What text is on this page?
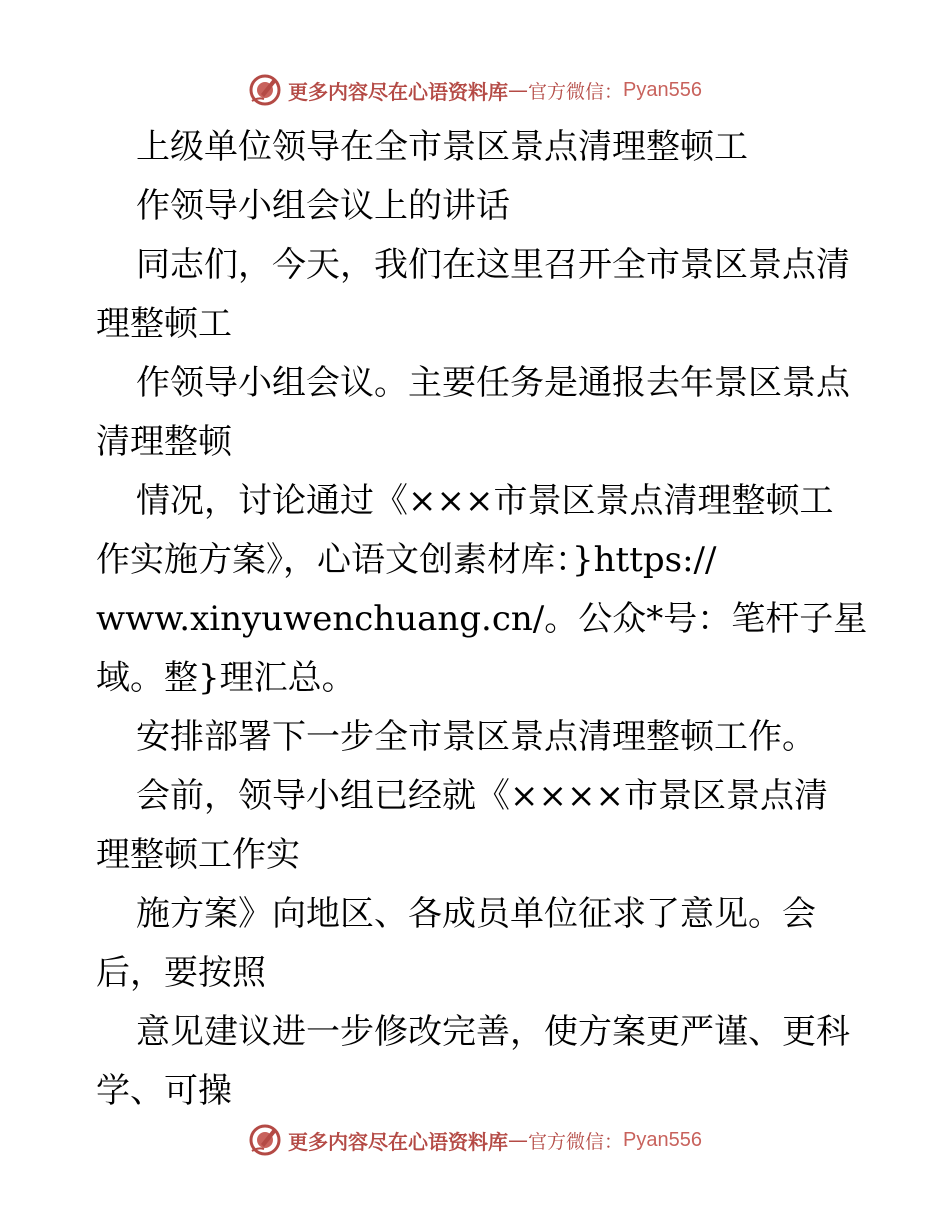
更多内容尽在心语资料库 — 官方微信： Pyan556
上级单位领导在全市景区景点清理整顿工
作领导小组会议上的讲话
同志们，今天，我们在这里召开全市景区景点清
理整顿工
作领导小组会议。主要任务是通报去年景区景点
清理整顿
情况，讨论通过《×××市景区景点清理整顿工
作实施方案》，心语文创素材库：}https://
www.xinyuwenchuang.cn/。公众*号：笔杆子星
域。整}理汇总。
安排部署下一步全市景区景点清理整顿工作。
会前，领导小组已经就《××××市景区景点清
理整顿工作实
施方案》向地区、各成员单位征求了意见。会
后，要按照
意见建议进一步修改完善，使方案更严谨、更科
学、可操
更多内容尽在心语资料库 — 官方微信： Pyan556
